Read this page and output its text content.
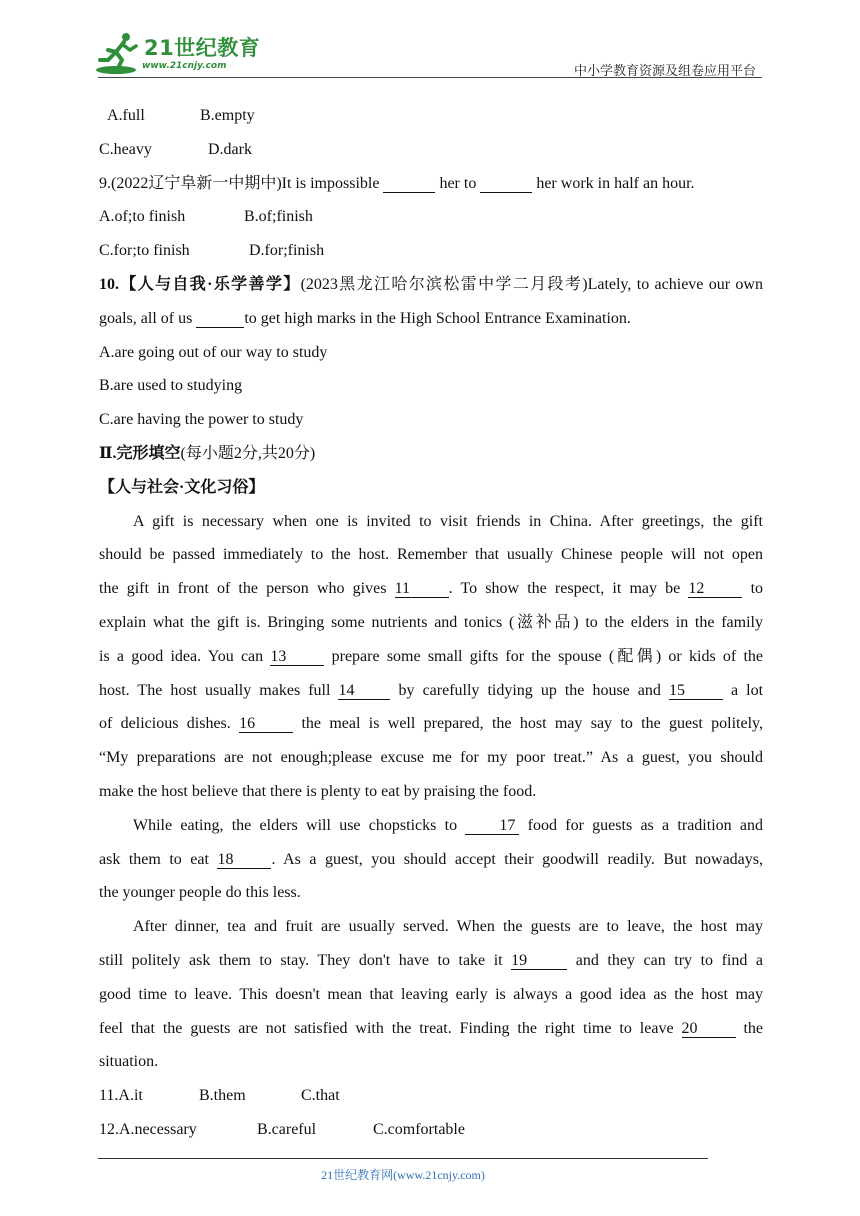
21世纪教育
www.21cnjy.com	中小学教育资源及组卷应用平台
A.full	B.empty
C.heavy	D.dark
9.(2022辽宁阜新一中期中)It is impossible	her to	her work in half an hour.
A.of;to finish	B.of;finish
C.for;to finish	D.for;finish
10.【人与自我·乐学善学】(2023黑龙江哈尔滨松雷中学二月段考)Lately, to achieve our own
goals, all of us	to get high marks in the High School Entrance Examination.
A.are going out of our way to study
B.are used to studying
C.are having the power to study
Ⅱ.完形填空(每小题2分,共20分)
【人与社会·文化习俗】
A gift is necessary when one is invited to visit friends in China. After greetings, the gift
should be passed immediately to the host. Remember that usually Chinese people will not open
the gift in front of the person who gives 11 . To show the respect, it may be 12	to
explain what the gift is. Bringing some nutrients and tonics (滋补品) to the elders in the family
is a good idea. You can 13	prepare some small gifts for the spouse (配偶) or kids of the
host. The host usually makes full 14	by carefully tidying up the house and 15	a lot
of delicious dishes. 16	the meal is well prepared, the host may say to the guest politely,
“My preparations are not enough;please excuse me for my poor treat.” As a guest, you should
make the host believe that there is plenty to eat by praising the food.
While eating, the elders will use chopsticks to	17 food for guests as a tradition and
ask them to eat 18 . As a guest, you should accept their goodwill readily. But nowadays,
the younger people do this less.
After dinner, tea and fruit are usually served. When the guests are to leave, the host may
still politely ask them to stay. They don't have to take it 19	and they can try to find a
good time to leave. This doesn't mean that leaving early is always a good idea as the host may
feel that the guests are not satisfied with the treat. Finding the right time to leave 20	the
situation.
11.A.it	B.them	C.that
12.A.necessary	B.careful	C.comfortable
21世纪教育网(www.21cnjy.com)
